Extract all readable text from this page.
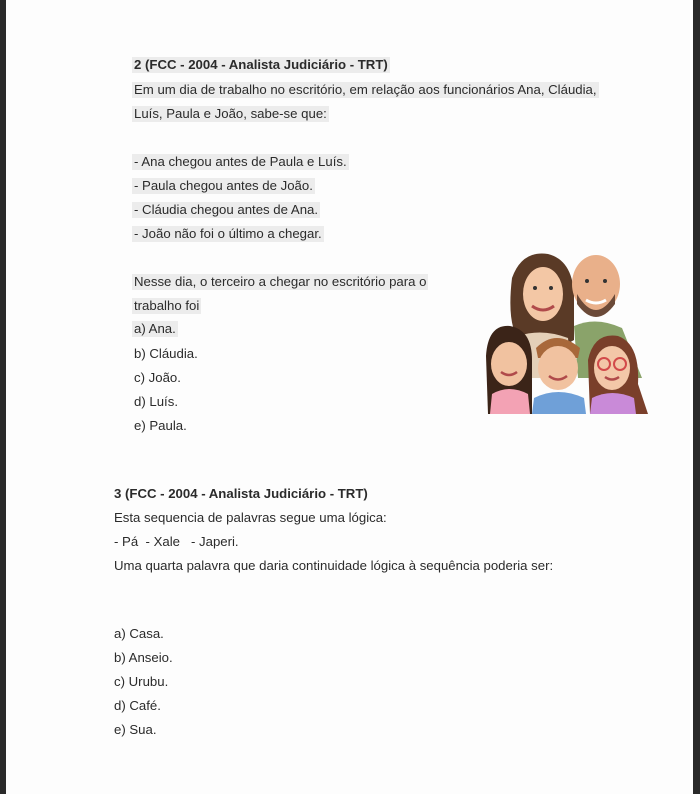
2 (FCC - 2004 - Analista Judiciário - TRT)
Em um dia de trabalho no escritório, em relação aos funcionários Ana, Cláudia,
Luís, Paula e João, sabe-se que:
- Ana chegou antes de Paula e Luís.
- Paula chegou antes de João.
- Cláudia chegou antes de Ana.
- João não foi o último a chegar.
Nesse dia, o terceiro a chegar no escritório para o
trabalho foi
a) Ana.
b) Cláudia.
c) João.
d) Luís.
e) Paula.
3 (FCC - 2004 - Analista Judiciário - TRT)
Esta sequencia de palavras segue uma lógica:
- Pá  - Xale   - Japeri.
Uma quarta palavra que daria continuidade lógica à sequência poderia ser:
a) Casa.
b) Anseio.
c) Urubu.
d) Café.
e) Sua.
